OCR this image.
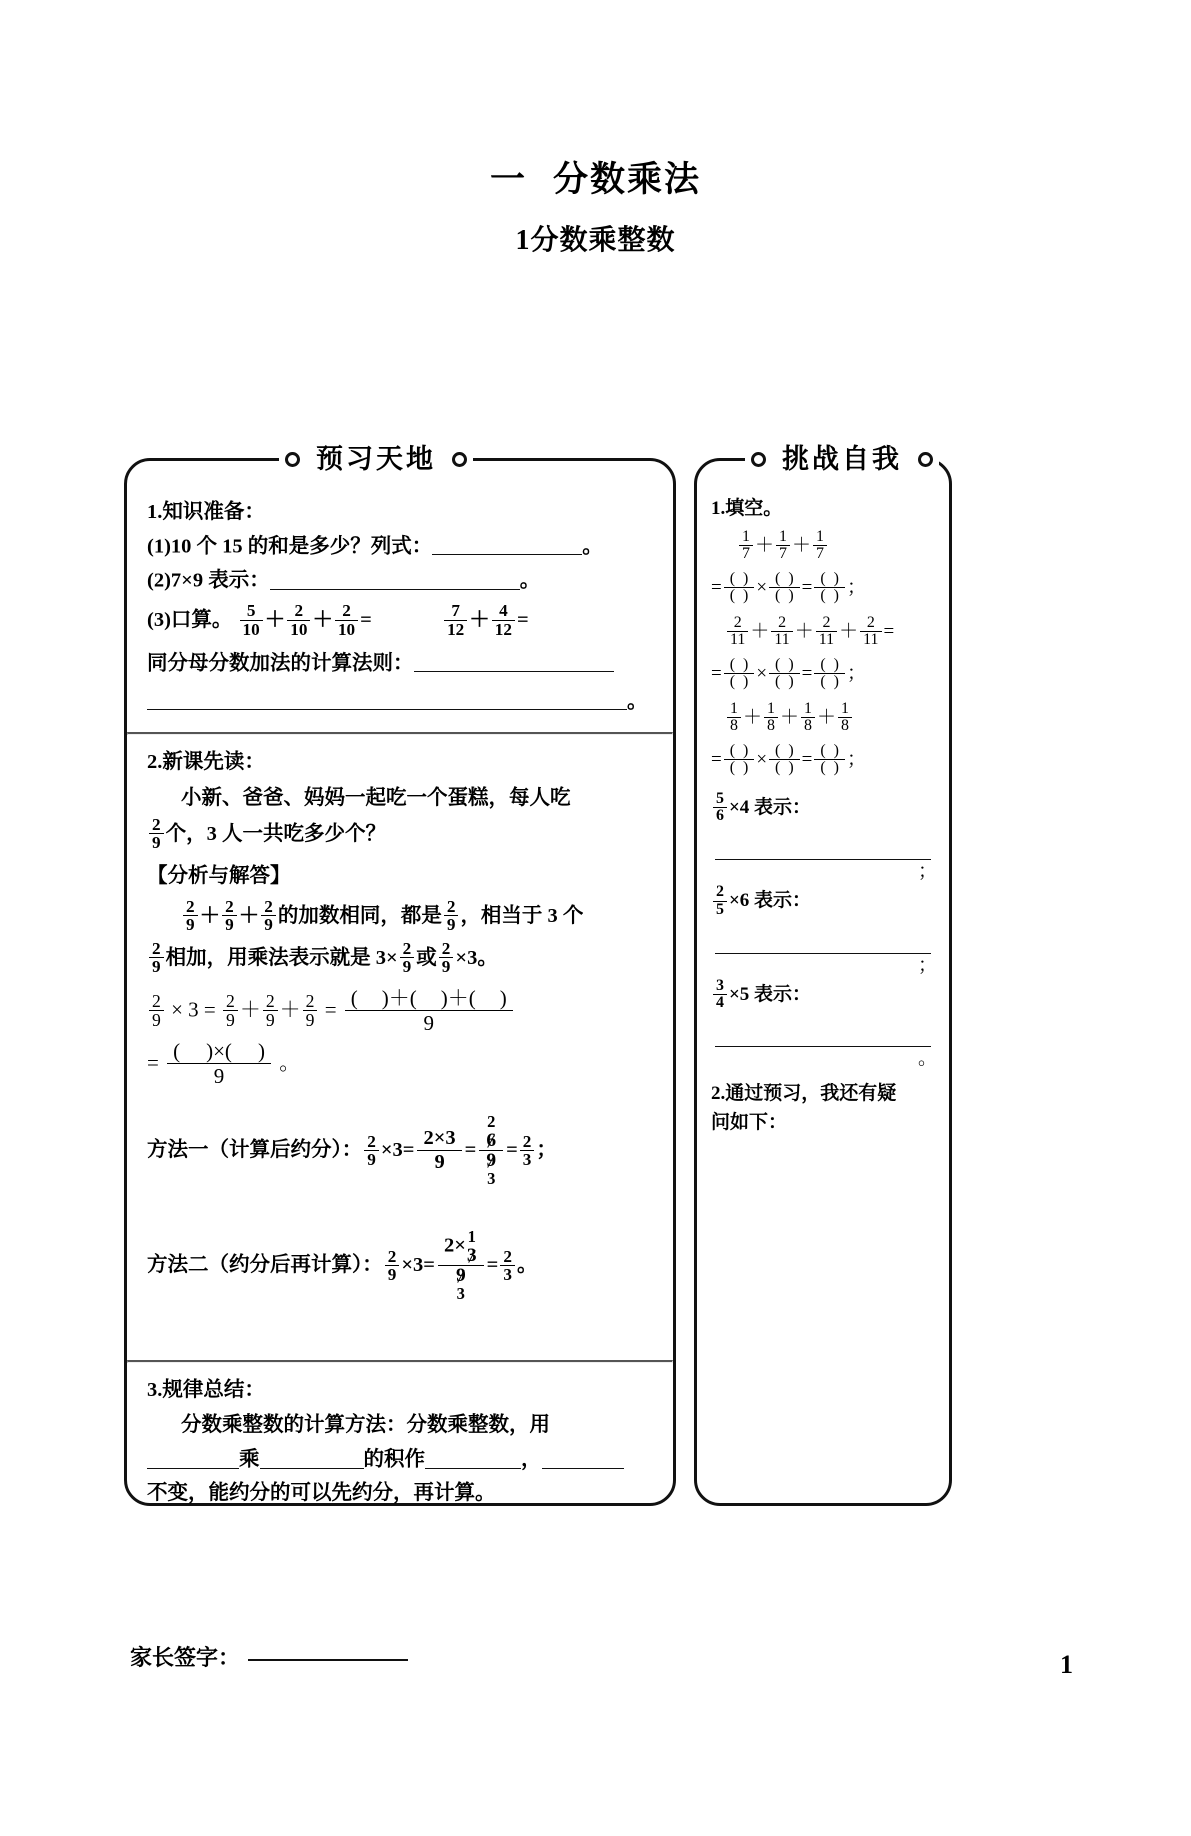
一 分数乘法
1分数乘整数
预习天地
1.知识准备：
(1)10 个 15 的和是多少？列式：	。
(2)7×9 表示：	。
(3)口算。 $\frac{5}{10} + \frac{2}{10} + \frac{2}{10}$ =	$\frac{7}{12} + \frac{4}{12}$ =
同分母分数加法的计算法则：
。
2.新课先读：
小新、爸爸、妈妈一起吃一个蛋糕，每人吃
$\frac{2}{9}$ 个，3 人一共吃多少个？
【分析与解答】
$\frac{2}{9} + \frac{2}{9} + \frac{2}{9}$ 的加数相同，都是 $\frac{2}{9}$ ，相当于 3 个
$\frac{2}{9}$ 相加，用乘法表示就是 $3\times \frac{2}{9}$ 或 $\frac{2}{9} \times 3$。
$\frac{2}{9} \times 3 = \frac{2}{9} + \frac{2}{9} + \frac{2}{9}$ = ( )＋( )＋( )
9
= ( )×( )
9
。
方法一（计算后约分）： $\frac{2}{9} \times 3= \frac{2\times 3}{9} = 2$
6
9
$3 = \frac{2}{3}$ ；
方法二（约分后再计算）： $\frac{2}{9} \times 3= 2\times 1$
3
9
$3 = \frac{2}{3}$ 。
3.规律总结：
分数乘整数的计算方法：分数乘整数，用
乘	的积作	，
不变，能约分的可以先约分，再计算。
挑战自我
1.填空。
$\frac{1}{7} + \frac{1}{7} + \frac{1}{7}$
= (  )
(  ) × (  )
(  ) = (  )
(  ) ；
$\frac{2}{11} + \frac{2}{11} + \frac{2}{11} + \frac{2}{11}$ =
= (  )
(  ) × (  )
(  ) = (  )
(  ) ；
$\frac{1}{8} + \frac{1}{8} + \frac{1}{8} + \frac{1}{8}$
= (  )
(  ) × (  )
(  ) = (  )
(  ) ；
$\frac{5}{6} \times 4$ 表示：
；
$\frac{2}{5} \times 6$ 表示：
；
$\frac{3}{4} \times 5$ 表示：
。
2.通过预习，我还有疑
问如下：
家长签字：	1
